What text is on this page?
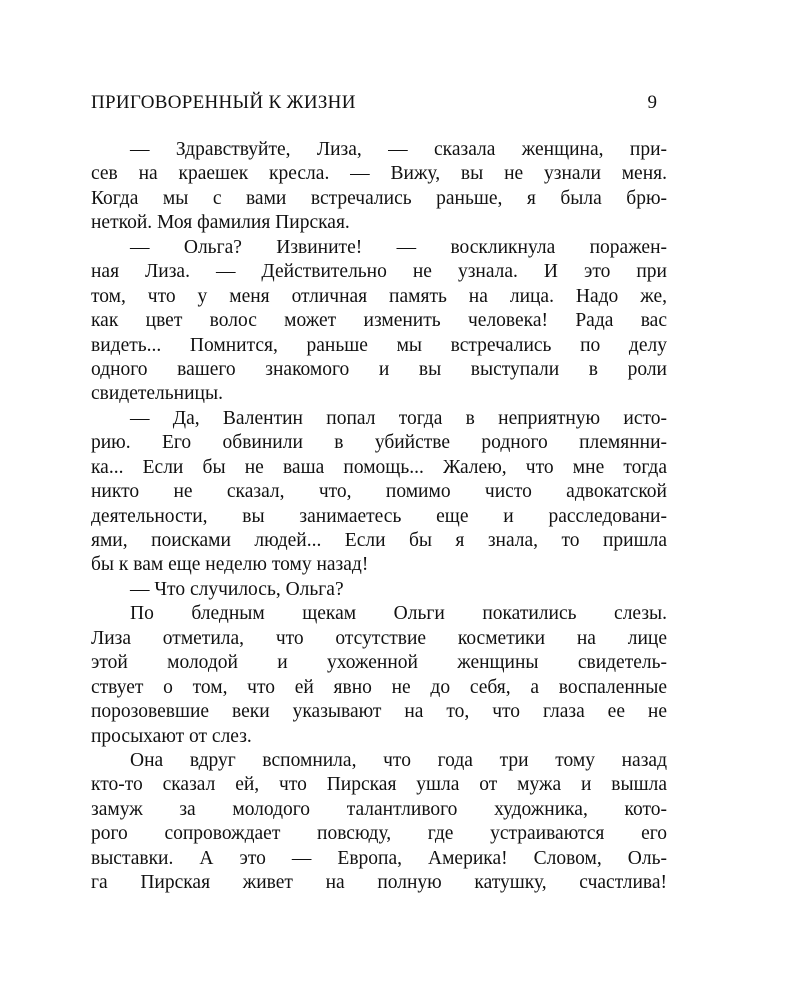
ПРИГОВОРЕННЫЙ К ЖИЗНИ	9
— Здравствуйте, Лиза, — сказала женщина, при-
сев на краешек кресла. — Вижу, вы не узнали меня.
Когда мы с вами встречались раньше, я была брю-
неткой. Моя фамилия Пирская.
— Ольга? Извините! — воскликнула поражен-
ная Лиза. — Действительно не узнала. И это при
том, что у меня отличная память на лица. Надо же,
как цвет волос может изменить человека! Рада вас
видеть... Помнится, раньше мы встречались по делу
одного вашего знакомого и вы выступали в роли
свидетельницы.
— Да, Валентин попал тогда в неприятную исто-
рию. Его обвинили в убийстве родного племянни-
ка... Если бы не ваша помощь... Жалею, что мне тогда
никто не сказал, что, помимо чисто адвокатской
деятельности, вы занимаетесь еще и расследовани-
ями, поисками людей... Если бы я знала, то пришла
бы к вам еще неделю тому назад!
— Что случилось, Ольга?
По бледным щекам Ольги покатились слезы.
Лиза отметила, что отсутствие косметики на лице
этой молодой и ухоженной женщины свидетель-
ствует о том, что ей явно не до себя, а воспаленные
порозовевшие веки указывают на то, что глаза ее не
просыхают от слез.
Она вдруг вспомнила, что года три тому назад
кто-то сказал ей, что Пирская ушла от мужа и вышла
замуж за молодого талантливого художника, кото-
рого сопровождает повсюду, где устраиваются его
выставки. А это — Европа, Америка! Словом, Оль-
га Пирская живет на полную катушку, счастлива!
